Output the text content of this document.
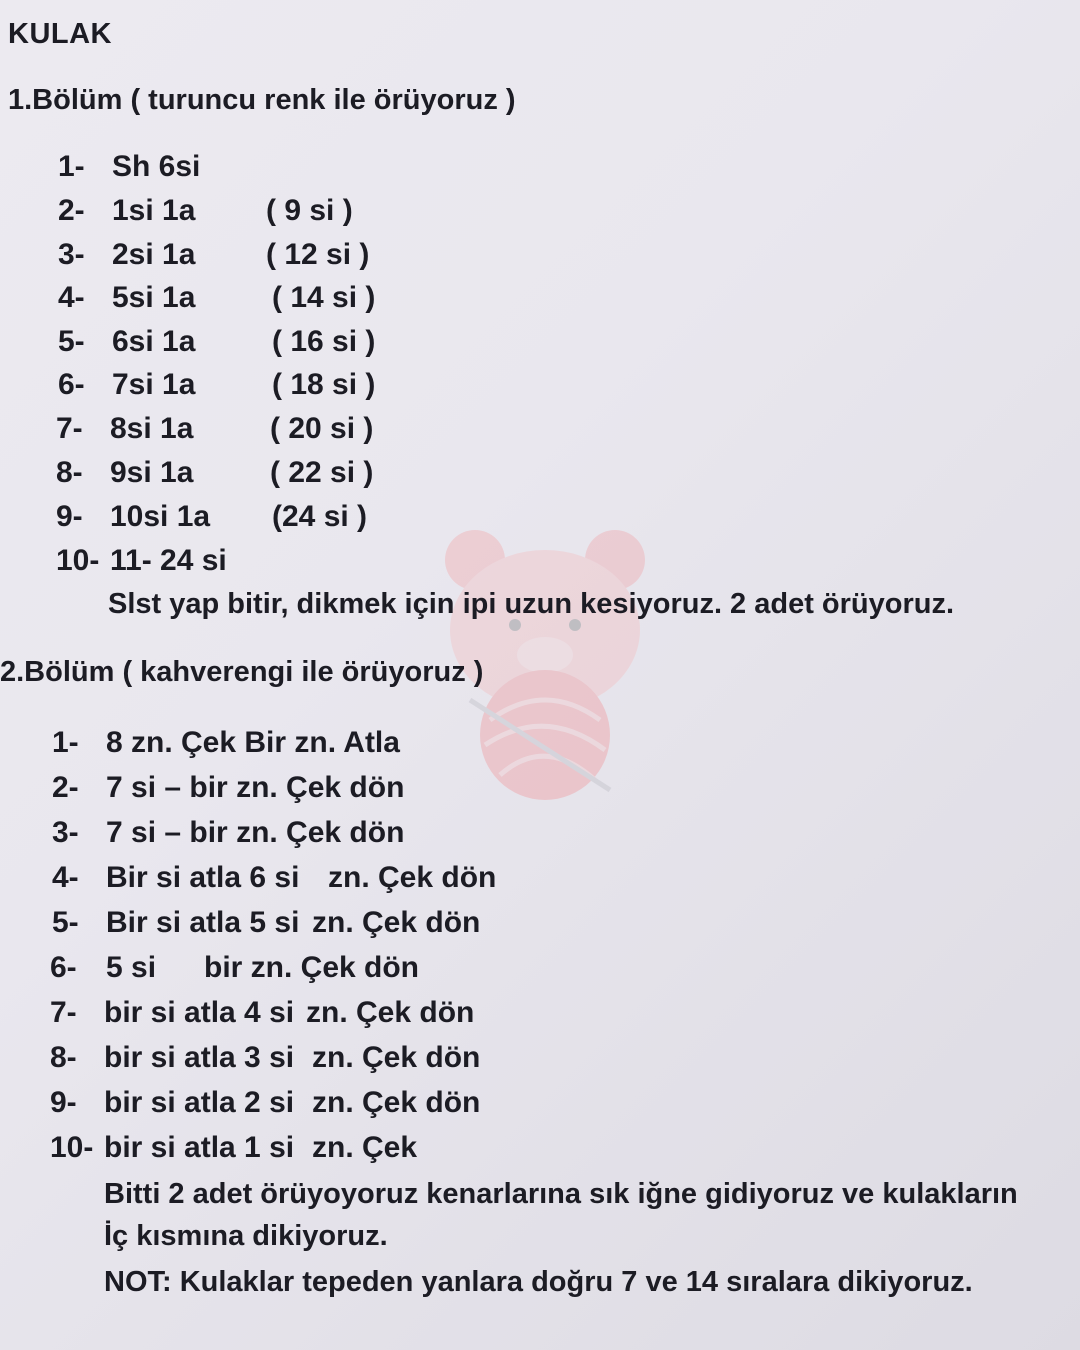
KULAK
1.Bölüm ( turuncu renk ile örüyoruz )
1- Sh 6si
2- 1si 1a ( 9 si )
3- 2si 1a ( 12 si )
4- 5si 1a	( 14 si )
5- 6si 1a	( 16 si )
6- 7si 1a	( 18 si )
7- 8si 1a	( 20 si )
8- 9si 1a	( 22 si )
9- 10si 1a (24 si )
10- 11- 24 si
Slst yap bitir, dikmek için ipi uzun kesiyoruz. 2 adet örüyoruz.
2.Bölüm ( kahverengi ile örüyoruz )
1- 8 zn. Çek Bir zn. Atla
2- 7 si – bir zn. Çek dön
3- 7 si – bir zn. Çek dön
4- Bir si atla 6 si zn. Çek dön
5- Bir si atla 5 si zn. Çek dön
6- 5 si bir zn. Çek dön
7- bir si atla 4 si zn. Çek dön
8- bir si atla 3 si zn. Çek dön
9- bir si atla 2 si zn. Çek dön
10- bir si atla 1 si zn. Çek
Bitti 2 adet örüyoyoruz kenarlarına sık iğne gidiyoruz ve kulakların
İç kısmına dikiyoruz.
NOT: Kulaklar tepeden yanlara doğru 7 ve 14 sıralara dikiyoruz.
